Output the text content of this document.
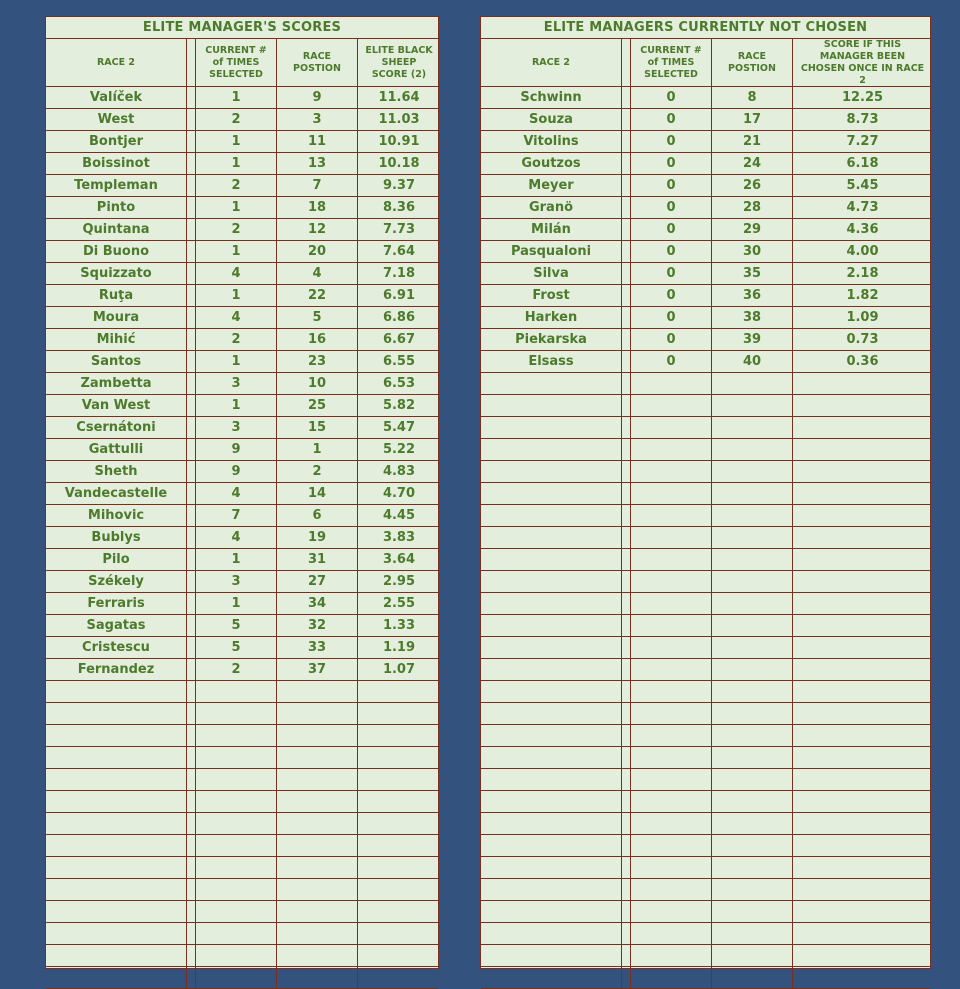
ELITE MANAGER'S SCORES
RACE 2
CURRENT #
of TIMES
SELECTED
RACE
POSTION
ELITE BLACK
SHEEP
SCORE (2)
Valíček	1	9	11.64
West	2	3	11.03
Bontjer	1	11	10.91
Boissinot	1	13	10.18
Templeman	2	7	9.37
Pinto	1	18	8.36
Quintana	2	12	7.73
Di Buono	1	20	7.64
Squizzato	4	4	7.18
Ruţa	1	22	6.91
Moura	4	5	6.86
Mihić	2	16	6.67
Santos	1	23	6.55
Zambetta	3	10	6.53
Van West	1	25	5.82
Csernátoni	3	15	5.47
Gattulli	9	1	5.22
Sheth	9	2	4.83
Vandecastelle	4	14	4.70
Mihovic	7	6	4.45
Bublys	4	19	3.83
Pilo	1	31	3.64
Székely	3	27	2.95
Ferraris	1	34	2.55
Sagatas	5	32	1.33
Cristescu	5	33	1.19
Fernandez	2	37	1.07
ELITE MANAGERS CURRENTLY NOT CHOSEN
RACE 2
CURRENT #
of TIMES
SELECTED
RACE
POSTION
SCORE IF THIS
MANAGER BEEN
CHOSEN ONCE IN RACE
2
Schwinn	0	8	12.25
Souza	0	17	8.73
Vitolins	0	21	7.27
Goutzos	0	24	6.18
Meyer	0	26	5.45
Granö	0	28	4.73
Milán	0	29	4.36
Pasqualoni	0	30	4.00
Silva	0	35	2.18
Frost	0	36	1.82
Harken	0	38	1.09
Piekarska	0	39	0.73
Elsass	0	40	0.36
